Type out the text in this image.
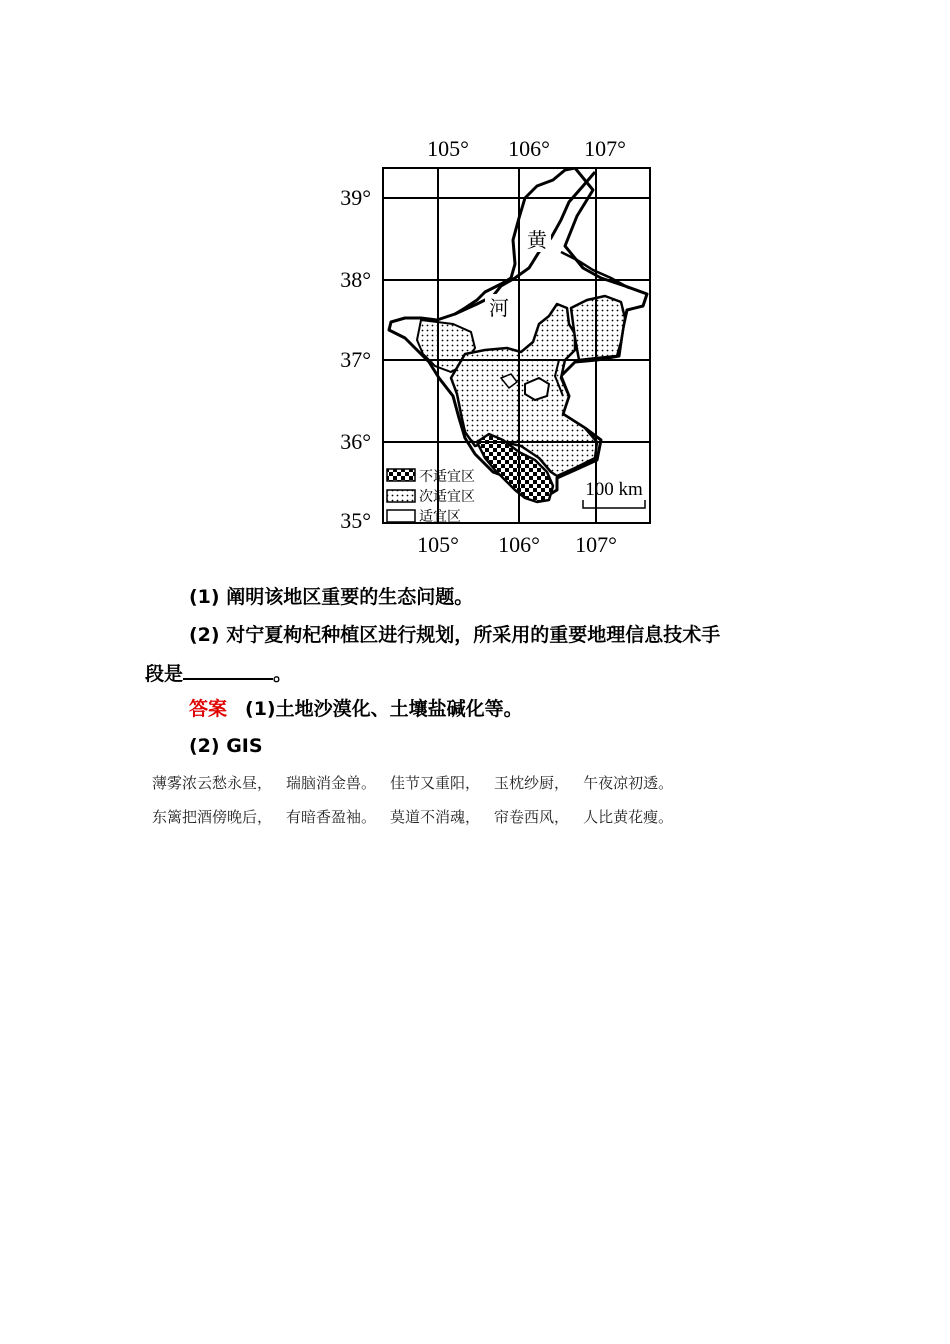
105° 106° 107°
105° 106° 107°
39°
38°
37°
36°
35°
黄
河
不适宜区
次适宜区
适宜区
100 km
(1) 阐明该地区重要的生态问题。
(2) 对宁夏枸杞种植区进行规划，所采用的重要地理信息技术手
段是	。
答案 (1)土地沙漠化、土壤盐碱化等。
(2) GIS
薄雾浓云愁永昼， 瑞脑消金兽。 佳节又重阳， 玉枕纱厨， 午夜凉初透。
东篱把酒傍晚后， 有暗香盈袖。 莫道不消魂， 帘卷西风， 人比黄花瘦。
